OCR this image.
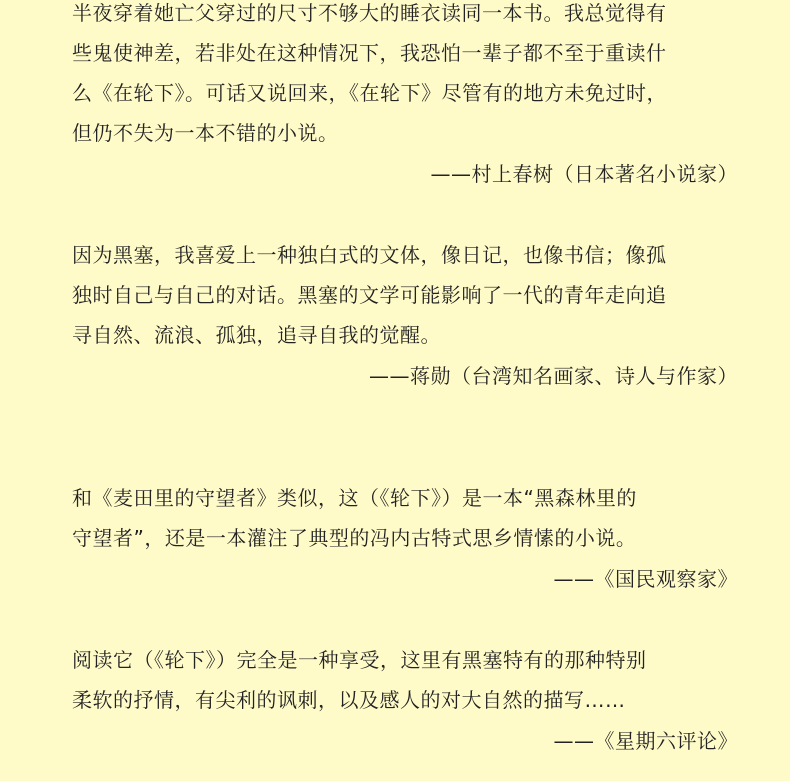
半夜穿着她亡父穿过的尺寸不够大的睡衣读同一本书。我总觉得有
些鬼使神差，若非处在这种情况下，我恐怕一辈子都不至于重读什
么《在轮下》。可话又说回来，《在轮下》尽管有的地方未免过时，
但仍不失为一本不错的小说。
——村上春树（日本著名小说家）
因为黑塞，我喜爱上一种独白式的文体，像日记，也像书信；像孤
独时自己与自己的对话。黑塞的文学可能影响了一代的青年走向追
寻自然、流浪、孤独，追寻自我的觉醒。
——蒋勋（台湾知名画家、诗人与作家）
和《麦田里的守望者》类似，这（《轮下》）是一本“黑森林里的
守望者”，还是一本灌注了典型的冯内古特式思乡情愫的小说。
——《国民观察家》
阅读它（《轮下》）完全是一种享受，这里有黑塞特有的那种特别
柔软的抒情，有尖利的讽刺，以及感人的对大自然的描写……
——《星期六评论》
